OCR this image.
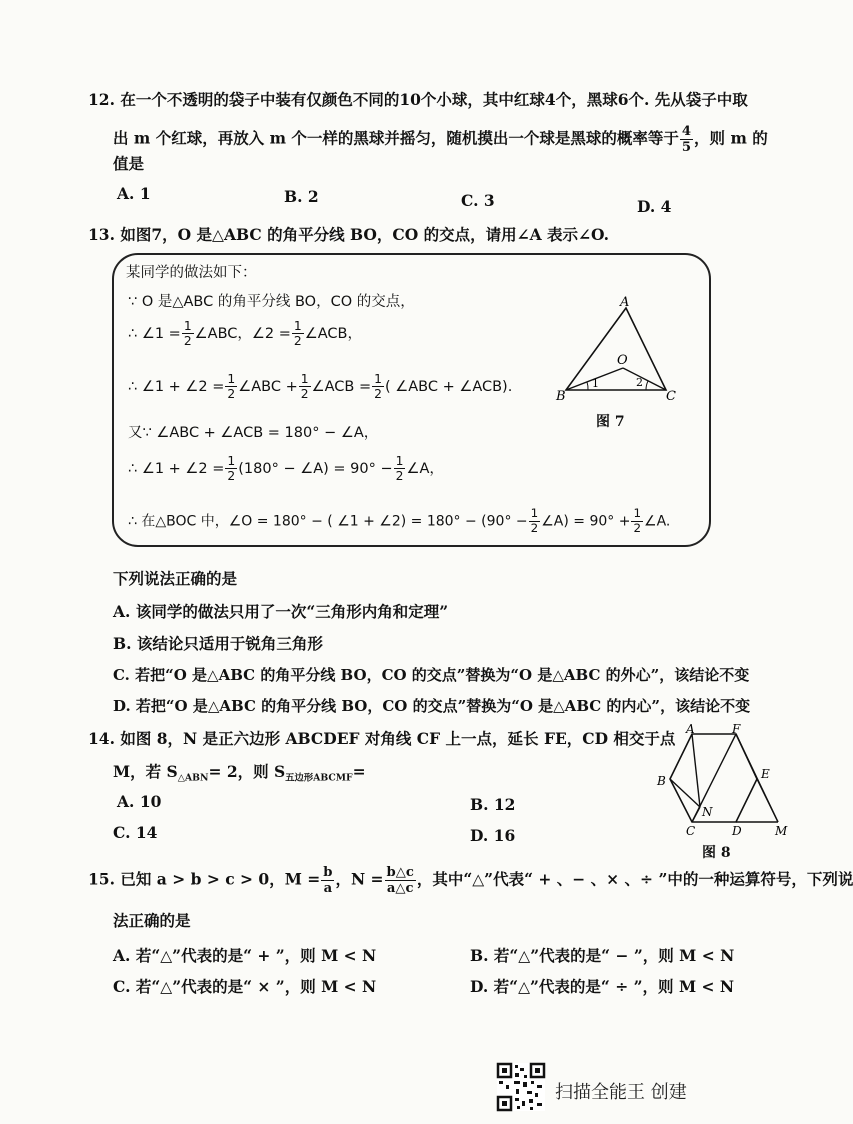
12. 在一个不透明的袋子中装有仅颜色不同的10个小球，其中红球4个，黑球6个. 先从袋子中取
出 m 个红球，再放入 m 个一样的黑球并摇匀，随机摸出一个球是黑球的概率等于 $\frac{4}{5}$ ，则 m 的
值是
A. 1	B. 2	C. 3	D. 4
13. 如图7，O 是△ABC 的角平分线 BO，CO 的交点，请用∠A 表示∠O.
某同学的做法如下：
∵ O 是△ABC 的角平分线 BO，CO 的交点，
∴ ∠1 = $\frac{1}{2}$ ∠ABC，∠2 = $\frac{1}{2}$ ∠ACB，
∴ ∠1 + ∠2 = $\frac{1}{2}$ ∠ABC + $\frac{1}{2}$ ∠ACB = $\frac{1}{2}$ ( ∠ABC + ∠ACB).
又∵ ∠ABC + ∠ACB = 180° − ∠A，
∴ ∠1 + ∠2 = $\frac{1}{2} (180^\circ$ − ∠A) = $90^\circ - \frac{1}{2}$ ∠A，
∴ 在△BOC 中，∠O = 180° − ( ∠1 + ∠2) = $180^\circ - (90^\circ - \frac{1}{2}$ ∠A) = $90^\circ + \frac{1}{2}$ ∠A.
A
B	C
O
1	2
图 7
下列说法正确的是
A. 该同学的做法只用了一次“三角形内角和定理”
B. 该结论只适用于锐角三角形
C. 若把“O 是△ABC 的角平分线 BO，CO 的交点”替换为“O 是△ABC 的外心”，该结论不变
D. 若把“O 是△ABC 的角平分线 BO，CO 的交点”替换为“O 是△ABC 的内心”，该结论不变
14. 如图 8，N 是正六边形 ABCDEF 对角线 CF 上一点，延长 FE，CD 相交于点
M，若 $S_{\triangle ABN}= 2$，则 $S_{五边形ABCMF}=$
A. 10	B. 12
C. 14	D. 16
A	F
B	E
N
C	D	M
图 8
15. 已知 a > b > c > 0，$M = \frac{b}{a}$ ，$N = \frac{b\triangle c}{a\triangle c}$ ，其中“△”代表“ + 、− 、× 、÷ ”中的一种运算符号，下列说
法正确的是
A. 若“△”代表的是“ + ”，则 M < N	B. 若“△”代表的是“ − ”，则 M < N
C. 若“△”代表的是“ × ”，则 M < N	D. 若“△”代表的是“ ÷ ”，则 M < N
扫描全能王 创建
